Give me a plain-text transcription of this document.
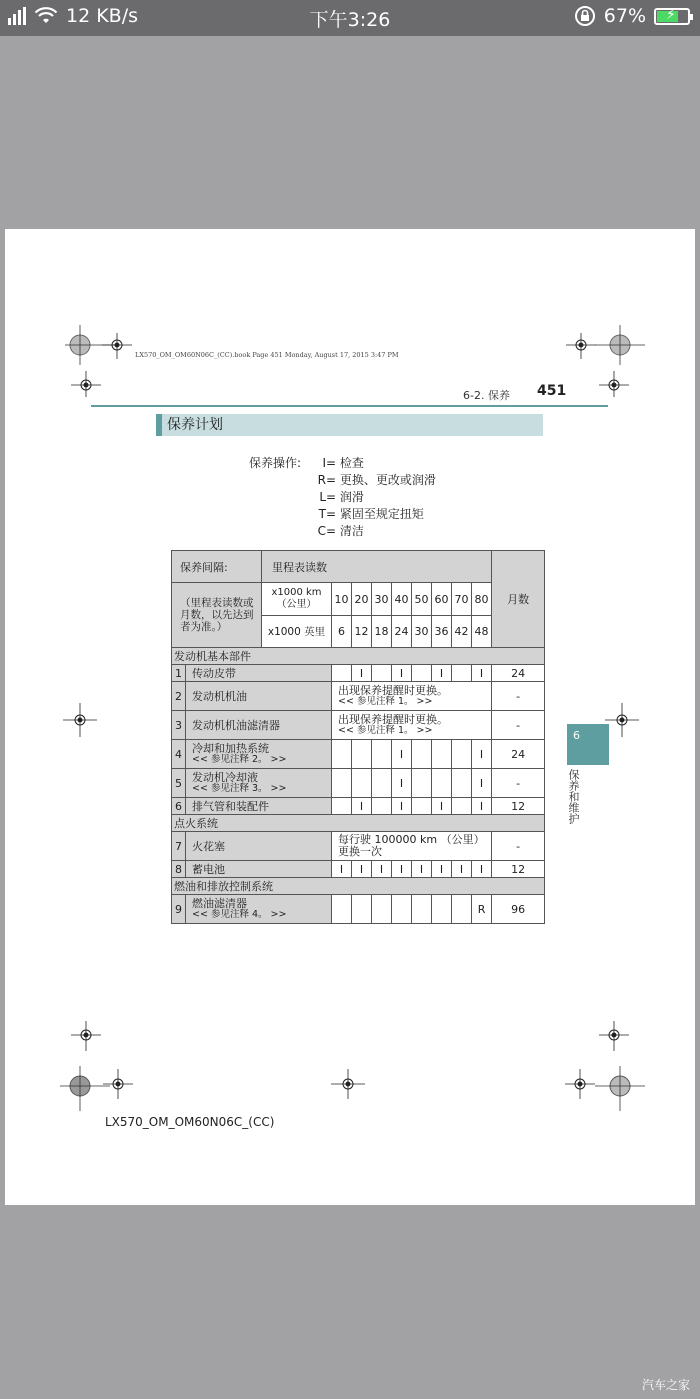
12 KB/s	下午3:26	67% ⚡
LX570_OM_OM60N06C_(CC).book Page 451 Monday, August 17, 2015 3:47 PM
6-2. 保养 451
保养计划
保养操作:	I= 检查
R= 更换、更改或润滑
L= 润滑
T= 紧固至规定扭矩
C= 清洁
保养间隔:		里程表读数									月数
（里程表读数或月数，以先达到者为准。）		x1000 km（公里）	10	20	30	40	50	60	70	80	
		x1000 英里	6	12	18	24	30	36	42	48	
发动机基本部件											
1	传动皮带			I		I		I		I	24
2	发动机机油		出现保养提醒时更换。
<< 参见注释 1。 >>								-
3	发动机机油滤清器		出现保养提醒时更换。
<< 参见注释 1。 >>								-
4	冷却和加热系统
<< 参见注释 2。 >>					I				I	24
5	发动机冷却液
<< 参见注释 3。 >>					I				I	-
6	排气管和装配件			I		I		I		I	12
点火系统											
7	火花塞		每行驶 100000 km （公里）
更换一次								-
8	蓄电池		I	I	I	I	I	I	I	I	12
燃油和排放控制系统											
9	燃油滤清器
<< 参见注释 4。 >>									R	96
6
保养和维护
LX570_OM_OM60N06C_(CC)
汽车之家
